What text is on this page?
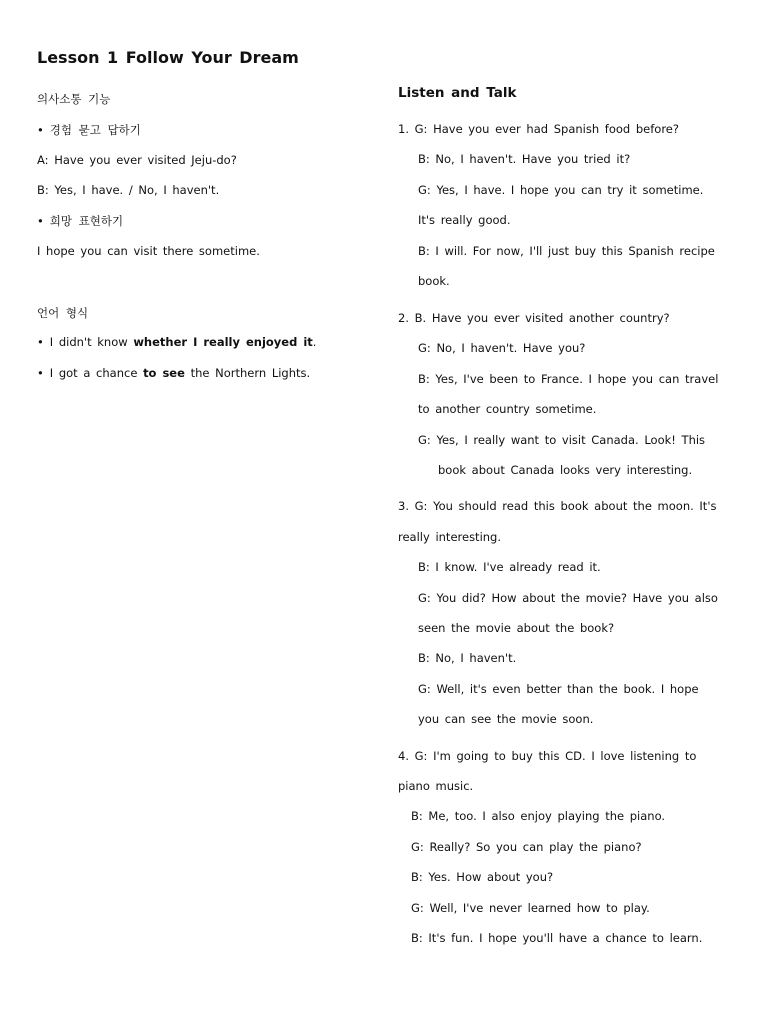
Lesson 1 Follow Your Dream
의사소통 기능
• 경험 묻고 답하기
A: Have you ever visited Jeju-do?
B: Yes, I have. / No, I haven't.
• 희망 표현하기
I hope you can visit there sometime.
언어 형식
• I didn't know whether I really enjoyed it.
• I got a chance to see the Northern Lights.
Listen and Talk
1. G: Have you ever had Spanish food before?
B: No, I haven't. Have you tried it?
G: Yes, I have. I hope you can try it sometime.
It's really good.
B: I will. For now, I'll just buy this Spanish recipe
book.
2. B. Have you ever visited another country?
G: No, I haven't. Have you?
B: Yes, I've been to France. I hope you can travel
to another country sometime.
G: Yes, I really want to visit Canada. Look! This
book about Canada looks very interesting.
3. G: You should read this book about the moon. It's
really interesting.
B: I know. I've already read it.
G: You did? How about the movie? Have you also
seen the movie about the book?
B: No, I haven't.
G: Well, it's even better than the book. I hope
you can see the movie soon.
4. G: I'm going to buy this CD. I love listening to
piano music.
B: Me, too. I also enjoy playing the piano.
G: Really? So you can play the piano?
B: Yes. How about you?
G: Well, I've never learned how to play.
B: It's fun. I hope you'll have a chance to learn.
